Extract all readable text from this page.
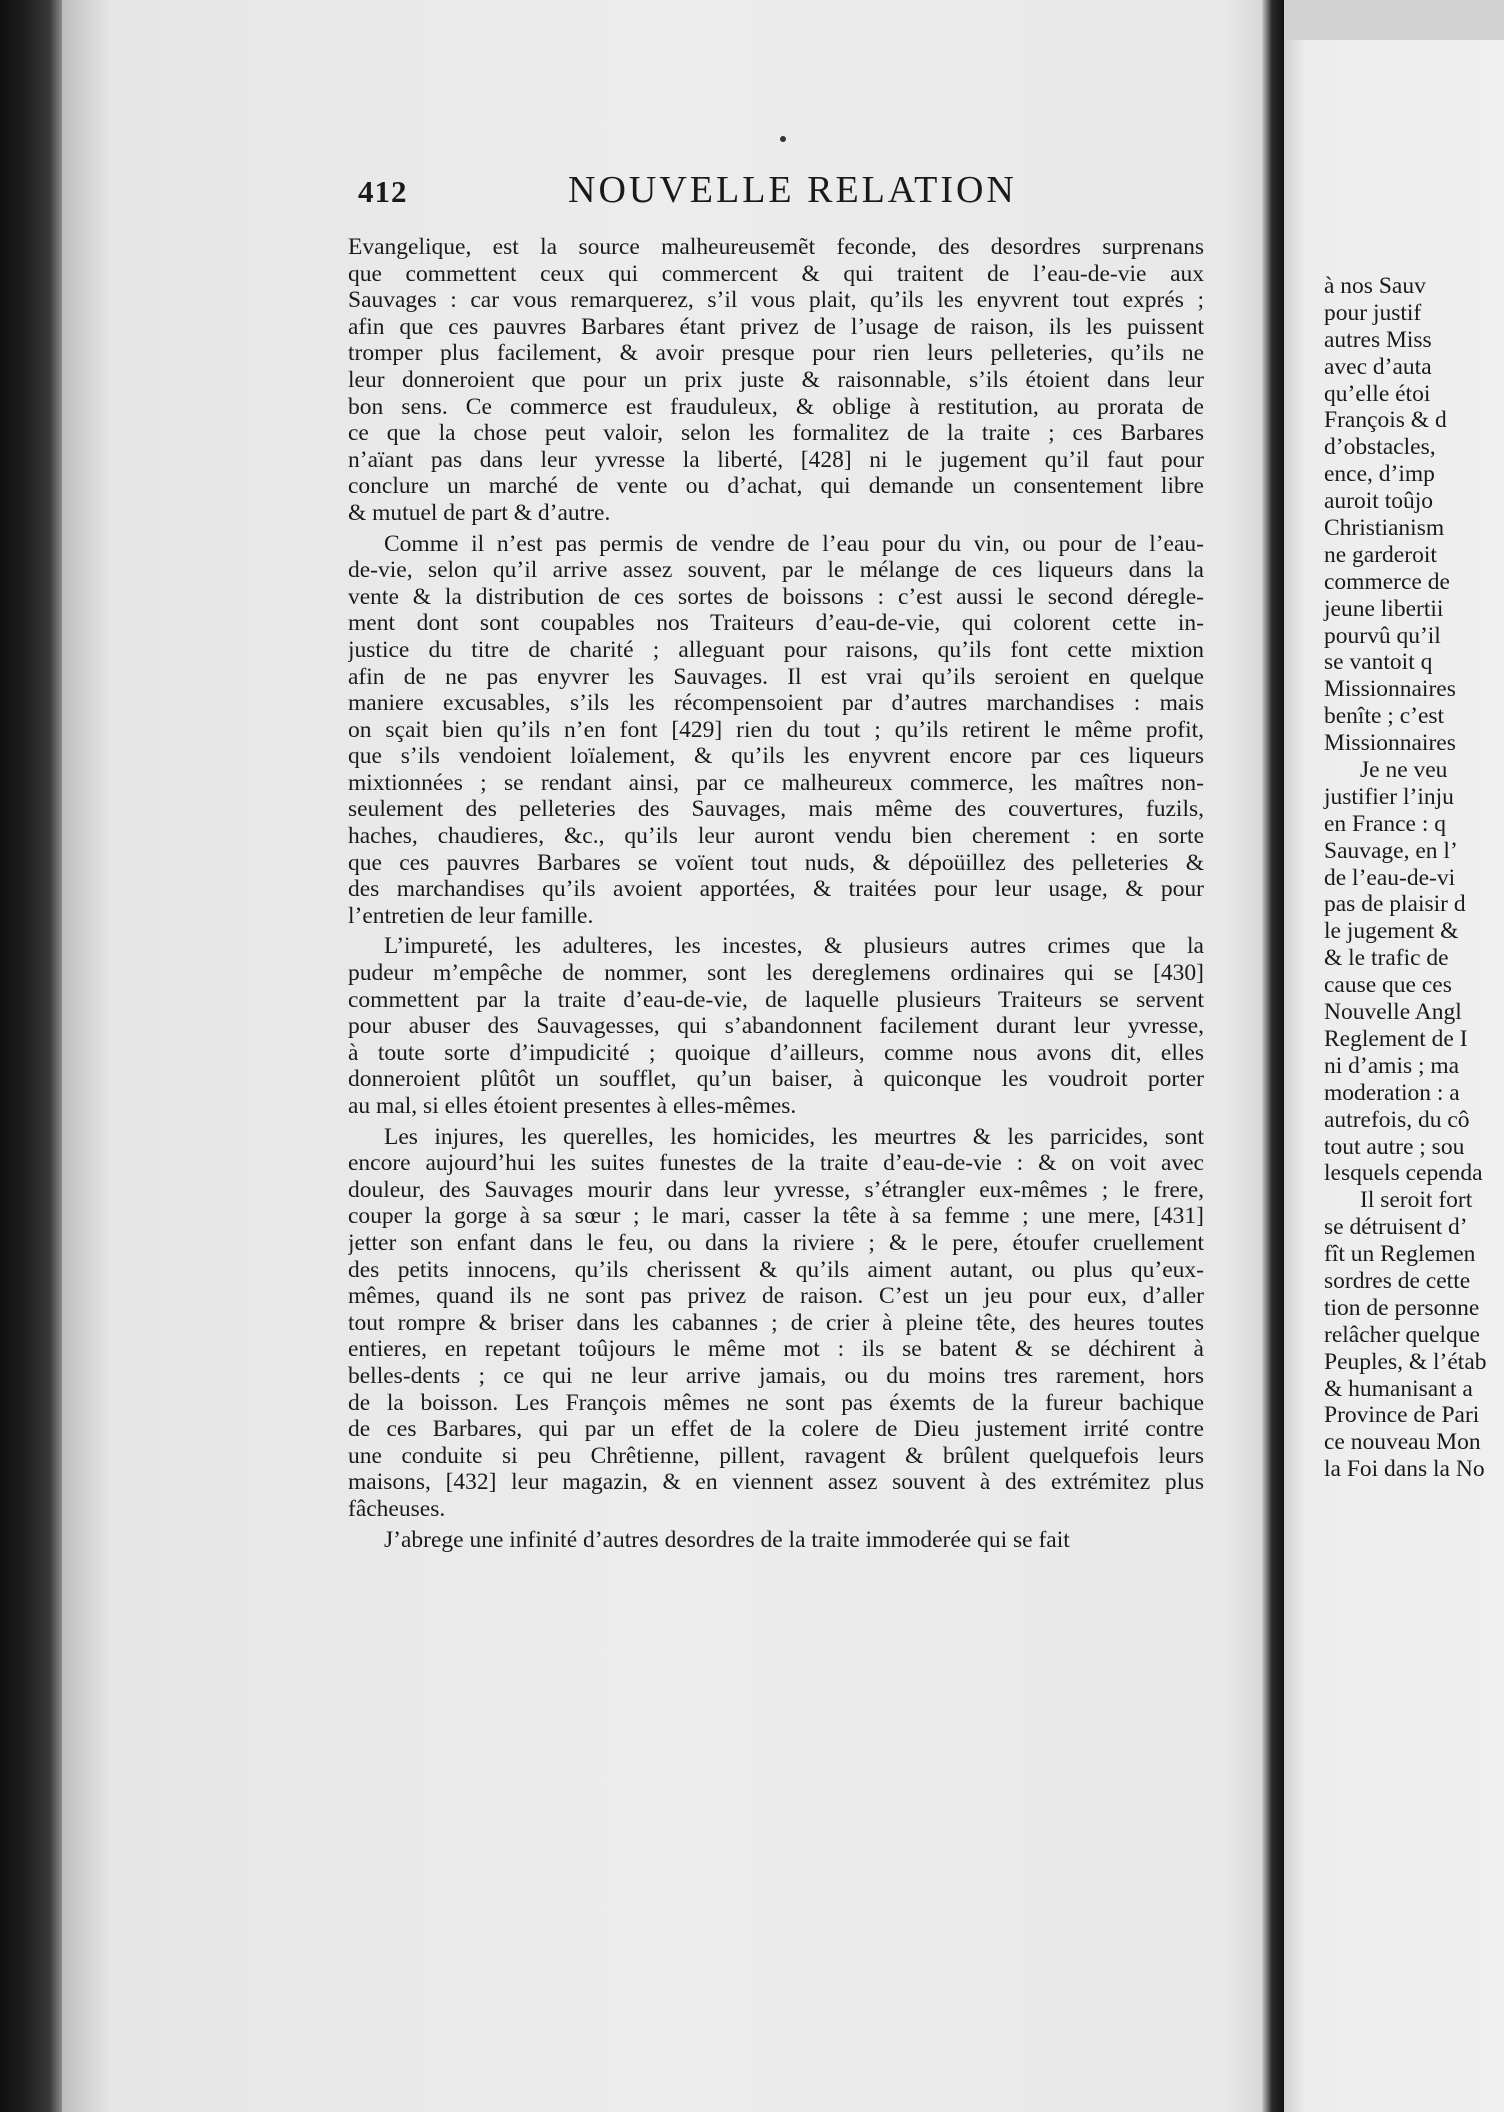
à nos Sauv
pour justif
autres Miss
avec d’auta
qu’elle étoi
François & d
d’obstacles,
ence, d’imp
auroit toûjo
Christianism
ne garderoit
commerce de
jeune libertii
pourvû qu’il
se vantoit q
Missionnaires
benîte ; c’est
Missionnaires
Je ne veu
justifier l’inju
en France : q
Sauvage, en l’
de l’eau-de-vi
pas de plaisir d
le jugement &
& le trafic de
cause que ces
Nouvelle Angl
Reglement de I
ni d’amis ; ma
moderation : a
autrefois, du cô
tout autre ; sou
lesquels cependa
Il seroit fort
se détruisent d’
fît un Reglemen
sordres de cette
tion de personne
relâcher quelque
Peuples, & l’étab
& humanisant a
Province de Pari
ce nouveau Mon
la Foi dans la No
412	NOUVELLE RELATION
Evangelique, est la source malheureusemẽt feconde, des desordres surprenans
que commettent ceux qui commercent & qui traitent de l’eau-de-vie aux
Sauvages : car vous remarquerez, s’il vous plait, qu’ils les enyvrent tout exprés ;
afin que ces pauvres Barbares étant privez de l’usage de raison, ils les puissent
tromper plus facilement, & avoir presque pour rien leurs pelleteries, qu’ils ne
leur donneroient que pour un prix juste & raisonnable, s’ils étoient dans leur
bon sens. Ce commerce est frauduleux, & oblige à restitution, au prorata de
ce que la chose peut valoir, selon les formalitez de la traite ; ces Barbares
n’aïant pas dans leur yvresse la liberté, [428] ni le jugement qu’il faut pour
conclure un marché de vente ou d’achat, qui demande un consentement libre
& mutuel de part & d’autre.
Comme il n’est pas permis de vendre de l’eau pour du vin, ou pour de l’eau-
de-vie, selon qu’il arrive assez souvent, par le mélange de ces liqueurs dans la
vente & la distribution de ces sortes de boissons : c’est aussi le second déregle-
ment dont sont coupables nos Traiteurs d’eau-de-vie, qui colorent cette in-
justice du titre de charité ; alleguant pour raisons, qu’ils font cette mixtion
afin de ne pas enyvrer les Sauvages. Il est vrai qu’ils seroient en quelque
maniere excusables, s’ils les récompensoient par d’autres marchandises : mais
on sçait bien qu’ils n’en font [429] rien du tout ; qu’ils retirent le même profit,
que s’ils vendoient loïalement, & qu’ils les enyvrent encore par ces liqueurs
mixtionnées ; se rendant ainsi, par ce malheureux commerce, les maîtres non-
seulement des pelleteries des Sauvages, mais même des couvertures, fuzils,
haches, chaudieres, &c., qu’ils leur auront vendu bien cherement : en sorte
que ces pauvres Barbares se voïent tout nuds, & dépoüillez des pelleteries &
des marchandises qu’ils avoient apportées, & traitées pour leur usage, & pour
l’entretien de leur famille.
L’impureté, les adulteres, les incestes, & plusieurs autres crimes que la
pudeur m’empêche de nommer, sont les dereglemens ordinaires qui se [430]
commettent par la traite d’eau-de-vie, de laquelle plusieurs Traiteurs se servent
pour abuser des Sauvagesses, qui s’abandonnent facilement durant leur yvresse,
à toute sorte d’impudicité ; quoique d’ailleurs, comme nous avons dit, elles
donneroient plûtôt un soufflet, qu’un baiser, à quiconque les voudroit porter
au mal, si elles étoient presentes à elles-mêmes.
Les injures, les querelles, les homicides, les meurtres & les parricides, sont
encore aujourd’hui les suites funestes de la traite d’eau-de-vie : & on voit avec
douleur, des Sauvages mourir dans leur yvresse, s’étrangler eux-mêmes ; le frere,
couper la gorge à sa sœur ; le mari, casser la tête à sa femme ; une mere, [431]
jetter son enfant dans le feu, ou dans la riviere ; & le pere, étoufer cruellement
des petits innocens, qu’ils cherissent & qu’ils aiment autant, ou plus qu’eux-
mêmes, quand ils ne sont pas privez de raison. C’est un jeu pour eux, d’aller
tout rompre & briser dans les cabannes ; de crier à pleine tête, des heures toutes
entieres, en repetant toûjours le même mot : ils se batent & se déchirent à
belles-dents ; ce qui ne leur arrive jamais, ou du moins tres rarement, hors
de la boisson. Les François mêmes ne sont pas éxemts de la fureur bachique
de ces Barbares, qui par un effet de la colere de Dieu justement irrité contre
une conduite si peu Chrêtienne, pillent, ravagent & brûlent quelquefois leurs
maisons, [432] leur magazin, & en viennent assez souvent à des extrémitez plus
fâcheuses.
J’abrege une infinité d’autres desordres de la traite immoderée qui se fait
